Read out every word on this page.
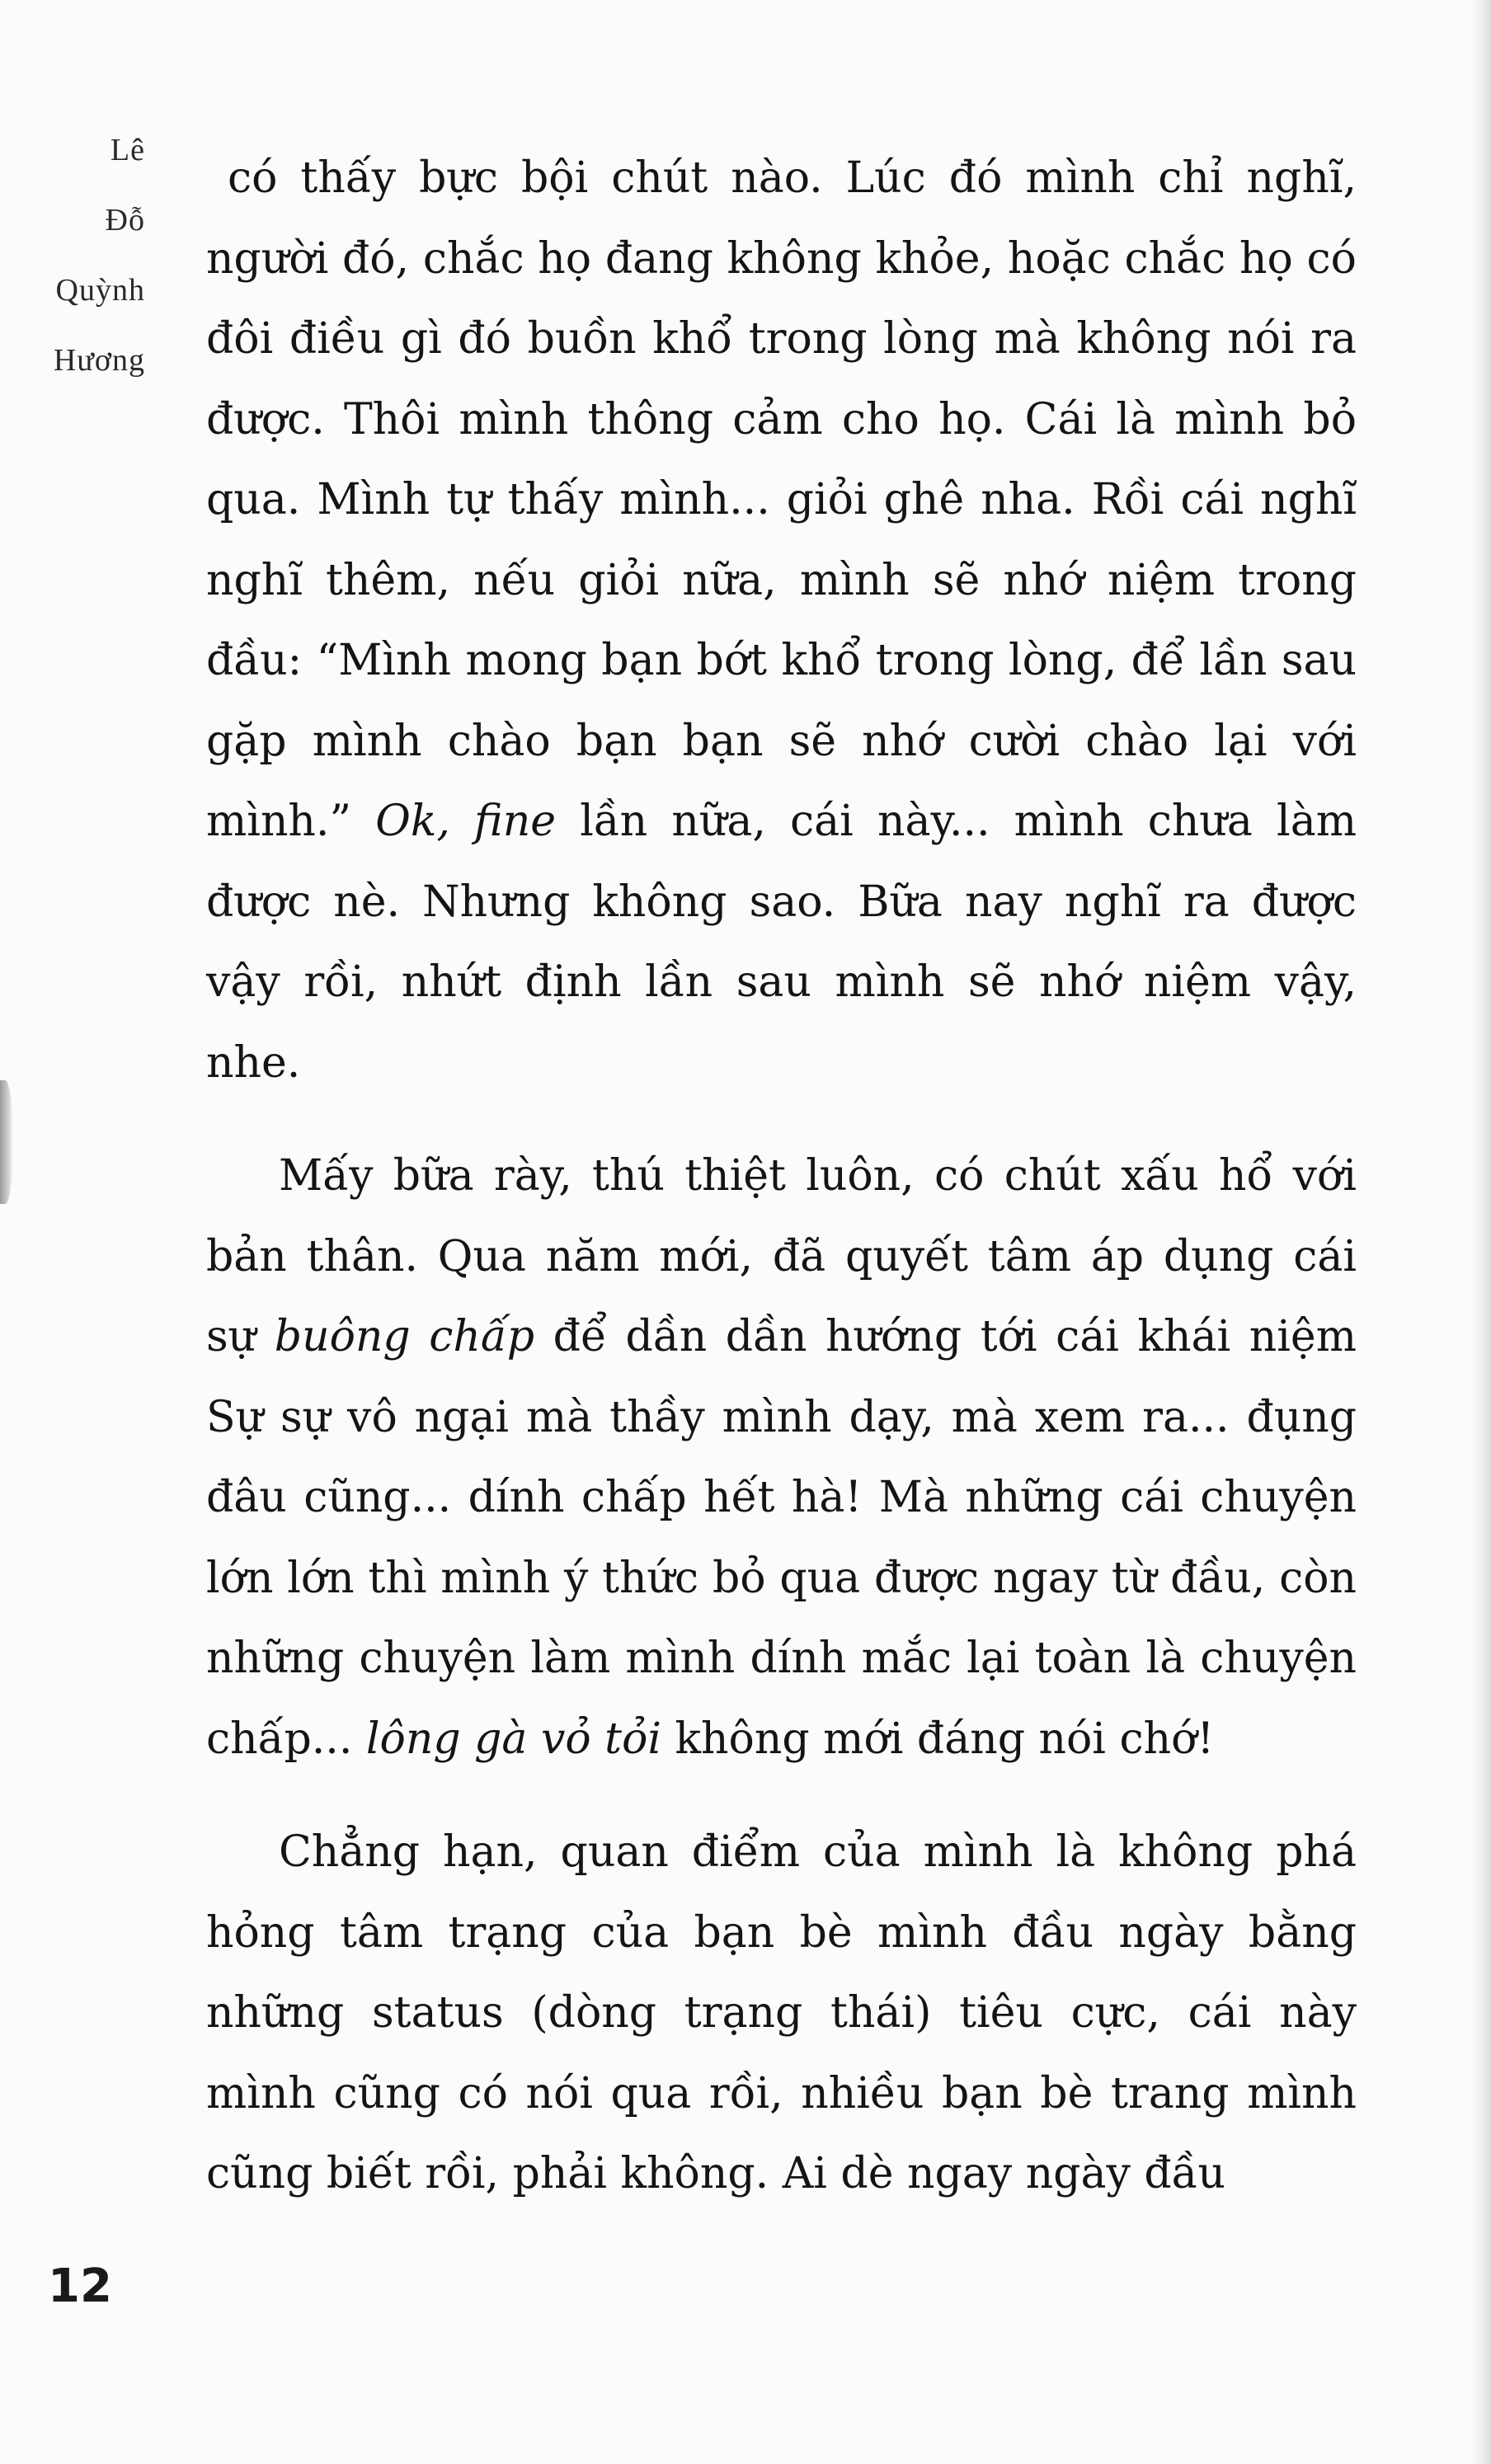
Lê
Đỗ
Quỳnh
Hương

có thấy bực bội chút nào. Lúc đó mình chỉ nghĩ, người đó, chắc họ đang không khỏe, hoặc chắc họ có đôi điều gì đó buồn khổ trong lòng mà không nói ra được. Thôi mình thông cảm cho họ. Cái là mình bỏ qua. Mình tự thấy mình... giỏi ghê nha. Rồi cái nghĩ nghĩ thêm, nếu giỏi nữa, mình sẽ nhớ niệm trong đầu: “Mình mong bạn bớt khổ trong lòng, để lần sau gặp mình chào bạn bạn sẽ nhớ cười chào lại với mình.” Ok, fine lần nữa, cái này... mình chưa làm được nè. Nhưng không sao. Bữa nay nghĩ ra được vậy rồi, nhứt định lần sau mình sẽ nhớ niệm vậy, nhe.

Mấy bữa rày, thú thiệt luôn, có chút xấu hổ với bản thân. Qua năm mới, đã quyết tâm áp dụng cái sự buông chấp để dần dần hướng tới cái khái niệm Sự sự vô ngại mà thầy mình dạy, mà xem ra... đụng đâu cũng... dính chấp hết hà! Mà những cái chuyện lớn lớn thì mình ý thức bỏ qua được ngay từ đầu, còn những chuyện làm mình dính mắc lại toàn là chuyện chấp... lông gà vỏ tỏi không mới đáng nói chớ!

Chẳng hạn, quan điểm của mình là không phá hỏng tâm trạng của bạn bè mình đầu ngày bằng những status (dòng trạng thái) tiêu cực, cái này mình cũng có nói qua rồi, nhiều bạn bè trang mình cũng biết rồi, phải không. Ai dè ngay ngày đầu

12
